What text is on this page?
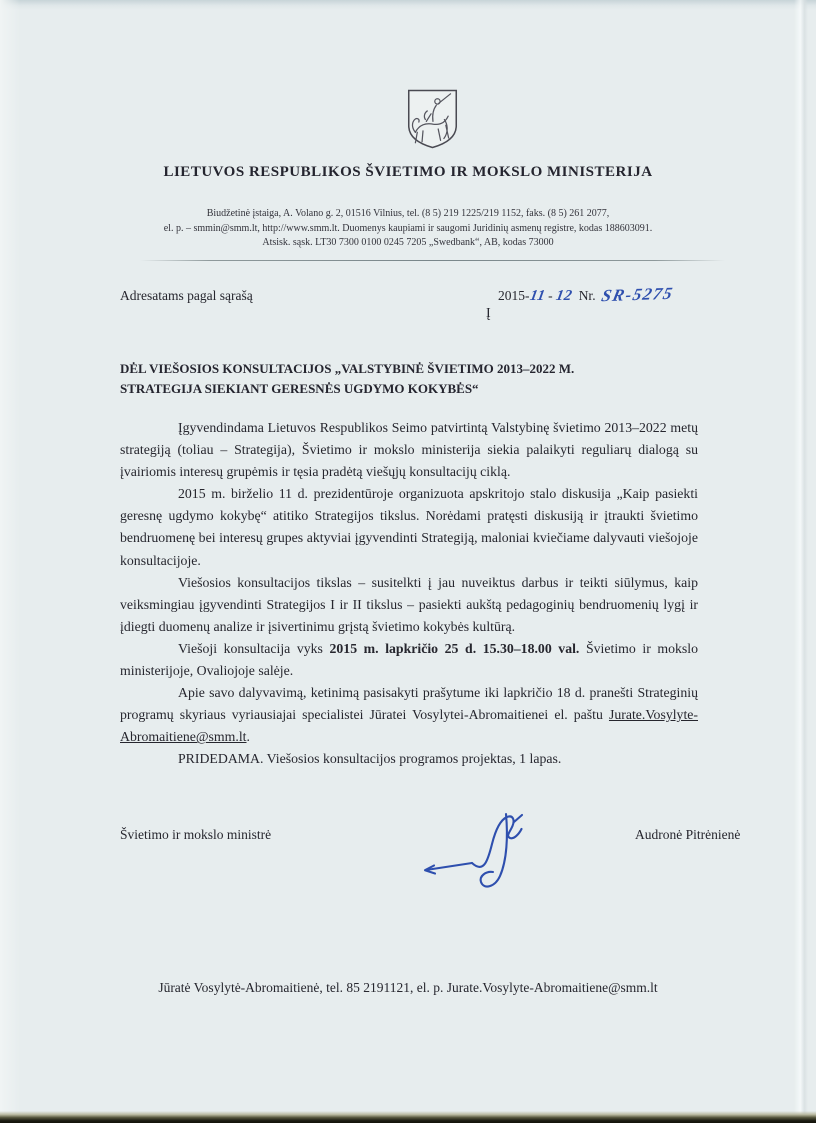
LIETUVOS RESPUBLIKOS ŠVIETIMO IR MOKSLO MINISTERIJA
Biudžetinė įstaiga, A. Volano g. 2, 01516 Vilnius, tel. (8 5) 219 1225/219 1152, faks. (8 5) 261 2077,
el. p. – smmin@smm.lt, http://www.smm.lt. Duomenys kaupiami ir saugomi Juridinių asmenų registre, kodas 188603091.
Atsisk. sąsk. LT30 7300 0100 0245 7205 „Swedbank“, AB, kodas 73000
Adresatams pagal sąrašą	2015-11 - 12 Nr. SR-5275
Į
DĖL VIEŠOSIOS KONSULTACIJOS „VALSTYBINĖ ŠVIETIMO 2013–2022 M. STRATEGIJA SIEKIANT GERESNĖS UGDYMO KOKYBĖS“

Įgyvendindama Lietuvos Respublikos Seimo patvirtintą Valstybinę švietimo 2013–2022 metų strategiją (toliau – Strategija), Švietimo ir mokslo ministerija siekia palaikyti reguliarų dialogą su įvairiomis interesų grupėmis ir tęsia pradėtą viešųjų konsultacijų ciklą.

2015 m. birželio 11 d. prezidentūroje organizuota apskritojo stalo diskusija „Kaip pasiekti geresnę ugdymo kokybę“ atitiko Strategijos tikslus. Norėdami pratęsti diskusiją ir įtraukti švietimo bendruomenę bei interesų grupes aktyviai įgyvendinti Strategiją, maloniai kviečiame dalyvauti viešojoje konsultacijoje.

Viešosios konsultacijos tikslas – susitelkti į jau nuveiktus darbus ir teikti siūlymus, kaip veiksmingiau įgyvendinti Strategijos I ir II tikslus – pasiekti aukštą pedagoginių bendruomenių lygį ir įdiegti duomenų analize ir įsivertinimu grįstą švietimo kokybės kultūrą.

Viešoji konsultacija vyks 2015 m. lapkričio 25 d. 15.30–18.00 val. Švietimo ir mokslo ministerijoje, Ovaliojoje salėje.

Apie savo dalyvavimą, ketinimą pasisakyti prašytume iki lapkričio 18 d. pranešti Strateginių programų skyriaus vyriausiajai specialistei Jūratei Vosylytei-Abromaitienei el. paštu Jurate.Vosylyte-Abromaitiene@smm.lt.

PRIDEDAMA. Viešosios konsultacijos programos projektas, 1 lapas.

Švietimo ir mokslo ministrė	Audronė Pitrėnienė
Jūratė Vosylytė-Abromaitienė, tel. 85 2191121, el. p. Jurate.Vosylyte-Abromaitiene@smm.lt
